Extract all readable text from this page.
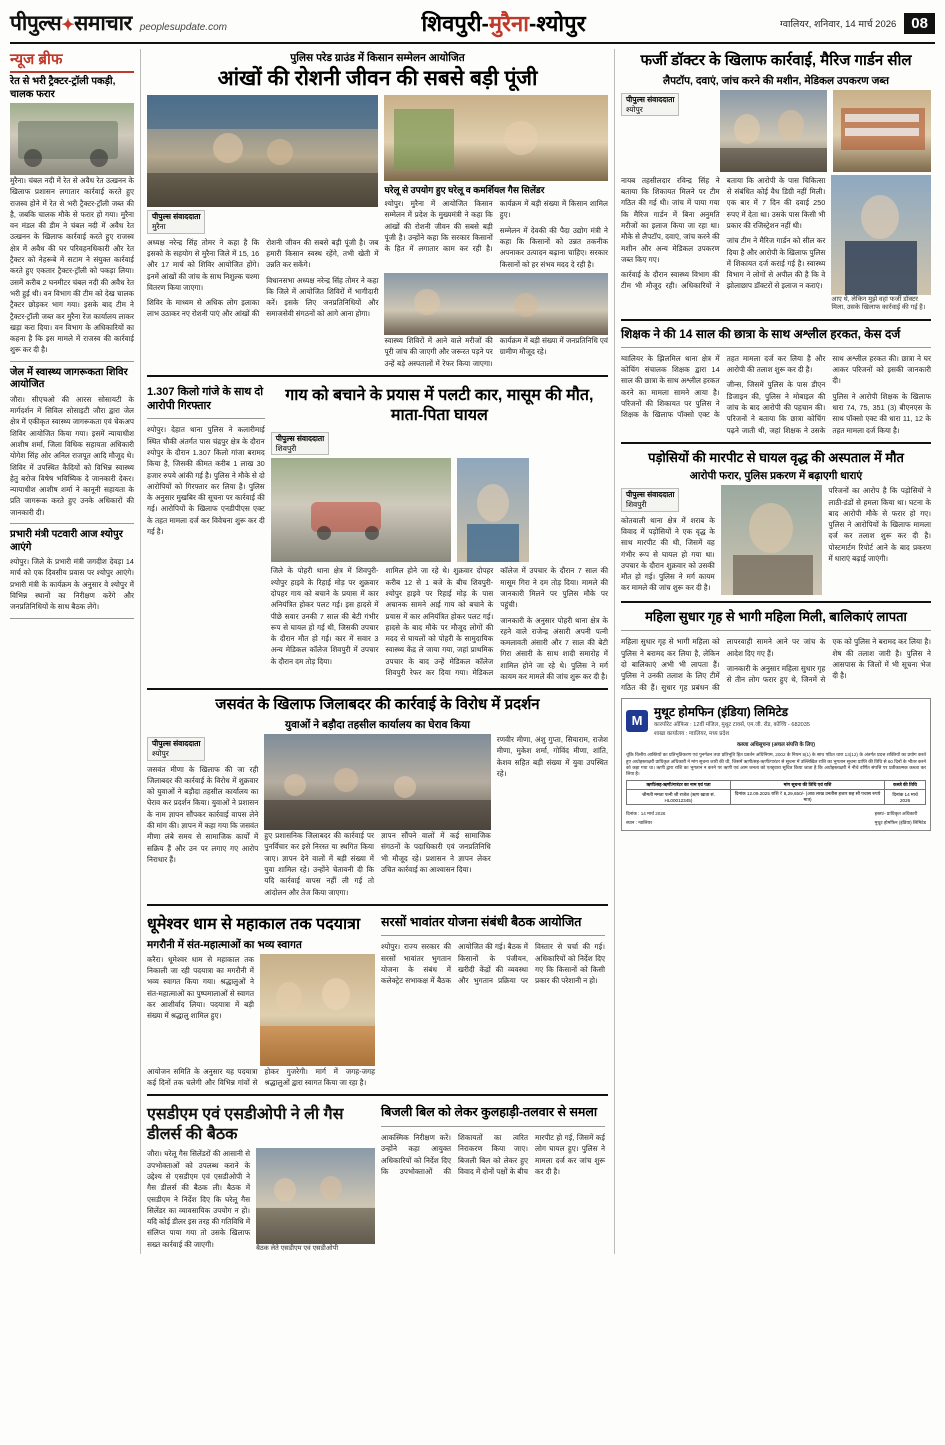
पीपुल्स✦समाचार peoplesupdate.com	शिवपुरी-मुरैना-श्योपुर	ग्वालियर, शनिवार, 14 मार्च 2026	08
न्यूज ब्रीफ
रेत से भरी ट्रैक्टर-ट्रॉली पकड़ी, चालक फरार
मुरैना। चंबल नदी में रेत से अवैध रेत उत्खनन के खिलाफ प्रशासन लगातार कार्रवाई करते हुए राजस्व होने में रेत से भरी ट्रैक्टर-ट्रॉली जब्त की है, जबकि चालक मौके से फरार हो गया। मुरैना वन मंडल की डीम ने चंबल नदी में अवैध रेत उत्खनन के खिलाफ कार्रवाई करते हुए राजस्व क्षेत्र में अवैध की घर परिवहनधिकारी और रेत ट्रैक्टर को नेहरूबे में सटाम ने संयुक्त कार्रवाई करते हुए एकतार ट्रैक्टर-ट्रॉली को पकड़ा लिया। उसमें करीब 2 घनमीटर चंबल नदी की अवैध रेत भरी हुई थी। वन विभाग की टीम को देख चालक ट्रैक्टर छोड़कर भाग गया। इसके बाद टीम ने ट्रैक्टर-ट्रॉली जब्त कर मुरैना रेंज कार्यालय लाकर खड़ा करा दिया। वन विभाग के अधिकारियों का कहना है कि इस मामले में राजस्व की कार्रवाई शुरू कर दी है।
जेल में स्वास्थ्य जागरूकता शिविर आयोजित
जौरा। सीएचओ की आरस सोसायटी के मार्गदर्शन में सिविल सोसाइटी जौरा द्वारा जेल क्षेत्र में एकीकृत स्वास्थ्य जागरूकता एवं चेकअप शिविर आयोजित किया गया। इसमें न्यायाधीश आशीष शर्मा, जिला विधिक सहायता अधिकारी योगेश सिंह ओर अनिल राजपूत आदि मौजूद थे। शिविर में उपस्थित कैदियों को विभिन्न स्वास्थ्य हेतु बरोज विषेष भविष्यिक दे जानकारी देकर। न्यायाधीश आशीष शर्मा ने कानूनी सहायता के प्रति जागरूक करते हुए उनके अधिकारों की जानकारी दी।
प्रभारी मंत्री पटवारी आज श्योपुर आएंगे
श्योपुर। जिले के प्रभारी मंत्री जगदीश देवड़ा 14 मार्च को एक दिवसीय प्रवास पर श्योपुर आएंगे। प्रभारी मंत्री के कार्यक्रम के अनुसार वे श्योपुर में विभिन्न स्थानों का निरीक्षण करेंगे और जनप्रतिनिधियों के साथ बैठक लेंगे।
पुलिस परेड ग्राउंड में किसान सम्मेलन आयोजित
आंखों की रोशनी जीवन की सबसे बड़ी पूंजी
पीपुल्स संवाददाता
मुरैना

अध्यक्ष नरेन्द्र सिंह तोमर ने कहा है कि इसको के सहयोग से मुरैना जिले में 15, 16 और 17 मार्च को शिविर आयोजित होंगे। इनमें आंखों की जांच के साथ निशुल्क चश्मा वितरण किया जाएगा।

शिविर के माध्यम से अधिक लोग इलाका लाभ उठाकर नए रोशनी पाएं और आंखों की रोशनी जीवन की सबसे बड़ी पूंजी है। जब हमारी किसान स्वस्थ रहेंगे, तभी खेती में उन्नति कर सकेंगे।

विधानसभा अध्यक्ष नरेन्द्र सिंह तोमर ने कहा कि जिले में आयोजित शिविरों में भागीदारी करें। इसके लिए जनप्रतिनिधियों और समाजसेवी संगठनों को आगे आना होगा।

घरेलू से उपयोग हुए घरेलू व कमर्शियल गैस सिलेंडर

श्योपुर। मुरैना में आयोजित किसान सम्मेलन में प्रदेश के मुख्यमंत्री ने कहा कि आंखों की रोशनी जीवन की सबसे बड़ी पूंजी है। उन्होंने कहा कि सरकार किसानों के हित में लगातार काम कर रही है। कार्यक्रम में बड़ी संख्या में किसान शामिल हुए।

सम्मेलन में देवकी की पैदा उद्योग मंत्री ने कहा कि किसानों को उन्नत तकनीक अपनाकर उत्पादन बढ़ाना चाहिए। सरकार किसानों को हर संभव मदद दे रही है।

स्वास्थ्य शिविरों में आने वाले मरीजों की पूरी जांच की जाएगी और जरूरत पड़ने पर उन्हें बड़े अस्पतालों में रेफर किया जाएगा। कार्यक्रम में बड़ी संख्या में जनप्रतिनिधि एवं ग्रामीण मौजूद रहे।

1.307 किलो गांजे के साथ दो आरोपी गिरफ्तार
श्योपुर। देहात थाना पुलिस ने कलारीमाई स्थित चौकी अंतर्गत पास चंद्रपुर क्षेत्र के दौरान श्योपुर के दौरान 1.307 किलो गांजा बरामद किया है, जिसकी कीमत करीब 1 लाख 30 हजार रुपये आंकी गई है। पुलिस ने मौके से दो आरोपियों को गिरफ्तार कर लिया है। पुलिस के अनुसार मुखबिर की सूचना पर कार्रवाई की गई। आरोपियों के खिलाफ एनडीपीएस एक्ट के तहत मामला दर्ज कर विवेचना शुरू कर दी गई है।
गाय को बचाने के प्रयास में पलटी कार, मासूम की मौत, माता-पिता घायल
पीपुल्स संवाददाता
शिवपुरी

जिले के पोहरी थाना क्षेत्र में शिवपुरी-श्योपुर हाइवे के रिहाई मोड़ पर शुक्रवार दोपहर गाय को बचाने के प्रयास में कार अनियंत्रित होकर पलट गई। इस हादसे में पीछे सवार उनकी 7 साल की बेटी गंभीर रूप से घायल हो गई थी, जिसकी उपचार के दौरान मौत हो गई। कार में सवार 3 अन्य मेडिकल कॉलेज शिवपुरी में उपचार के दौरान दम तोड़ दिया।

शामिल होने जा रहे थे। शुक्रवार दोपहर करीब 12 से 1 बजे के बीच शिवपुरी-श्योपुर हाइवे पर रिहाई मोड़ के पास अचानक सामने आई गाय को बचाने के प्रयास में कार अनियंत्रित होकर पलट गई। हादसे के बाद मौके पर मौजूद लोगों की मदद से घायलों को पोहरी के सामुदायिक स्वास्थ्य केंद्र ले जाया गया, जहां प्राथमिक उपचार के बाद उन्हें मेडिकल कॉलेज शिवपुरी रेफर कर दिया गया। मेडिकल कॉलेज में उपचार के दौरान 7 साल की मासूम गिरा ने दम तोड़ दिया। मामले की जानकारी मिलने पर पुलिस मौके पर पहुंची।

जानकारी के अनुसार पोहरी थाना क्षेत्र के रहने वाले राजेन्द्र अंसारी अपनी पत्नी कमलावती अंसारी और 7 साल की बेटी गिरा अंसारी के साथ शादी समारोह में शामिल होने जा रहे थे। पुलिस ने मर्ग कायम कर मामले की जांच शुरू कर दी है।

जसवंत के खिलाफ जिलाबदर की कार्रवाई के विरोध में प्रदर्शन
युवाओं ने बड़ौदा तहसील कार्यालय का घेराव किया
पीपुल्स संवाददाता
श्योपुर
जसवंत मीणा के खिलाफ की जा रही जिलाबदर की कार्रवाई के विरोध में शुक्रवार को युवाओं ने बड़ौदा तहसील कार्यालय का घेराव कर प्रदर्शन किया। युवाओं ने प्रशासन के नाम ज्ञापन सौंपकर कार्रवाई वापस लेने की मांग की। ज्ञापन में कहा गया कि जसवंत मीणा लंबे समय से सामाजिक कार्यों में सक्रिय हैं और उन पर लगाए गए आरोप निराधार हैं।

हुए प्रशासनिक जिलाबदर की कार्रवाई पर पुनर्विचार कर इसे निरस्त या स्थगित किया जाए। ज्ञापन देने वालों में बड़ी संख्या में युवा शामिल रहे। उन्होंने चेतावनी दी कि यदि कार्रवाई वापस नहीं ली गई तो आंदोलन और तेज किया जाएगा।

ज्ञापन सौंपने वालों में कई सामाजिक संगठनों के पदाधिकारी एवं जनप्रतिनिधि भी मौजूद रहे। प्रशासन ने ज्ञापन लेकर उचित कार्रवाई का आश्वासन दिया।

रणवीर मीणा, अंशु गुप्ता, सियाराम, राजेश मीणा, मुकेश शर्मा, गोविंद मीणा, शांति, केशव सहित बड़ी संख्या में युवा उपस्थित रहे।
धूमेश्वर धाम से महाकाल तक पदयात्रा
मगरौनी में संत-महात्माओं का भव्य स्वागत
करैरा। धूमेश्वर धाम से महाकाल तक निकाली जा रही पदयात्रा का मगरौनी में भव्य स्वागत किया गया। श्रद्धालुओं ने संत-महात्माओं का पुष्पमालाओं से स्वागत कर आशीर्वाद लिया। पदयात्रा में बड़ी संख्या में श्रद्धालु शामिल हुए।
आयोजन समिति के अनुसार यह पदयात्रा कई दिनों तक चलेगी और विभिन्न गांवों से होकर गुजरेगी। मार्ग में जगह-जगह श्रद्धालुओं द्वारा स्वागत किया जा रहा है।
सरसों भावांतर योजना संबंधी बैठक आयोजित
श्योपुर। राज्य सरकार की सरसों भावांतर भुगतान योजना के संबंध में कलेक्ट्रेट सभाकक्ष में बैठक आयोजित की गई। बैठक में किसानों के पंजीयन, खरीदी केंद्रों की व्यवस्था और भुगतान प्रक्रिया पर विस्तार से चर्चा की गई। अधिकारियों को निर्देश दिए गए कि किसानों को किसी प्रकार की परेशानी न हो।
एसडीएम एवं एसडीओपी ने ली गैस डीलर्स की बैठक
जौरा। घरेलू गैस सिलेंडरों की आसानी से उपभोक्ताओं को उपलब्ध कराने के उद्देश्य से एसडीएम एवं एसडीओपी ने गैस डीलर्स की बैठक ली। बैठक में एसडीएम ने निर्देश दिए कि घरेलू गैस सिलेंडर का व्यावसायिक उपयोग न हो। यदि कोई डीलर इस तरह की गतिविधि में संलिप्त पाया गया तो उसके खिलाफ सख्त कार्रवाई की जाएगी।
बैठक लेते एसडीएम एवं एसडीओपी
बिजली बिल को लेकर कुलहाड़ी-तलवार से समला
आकस्मिक निरीक्षण करें। उन्होंने कहा आयुक्त अधिकारियों को निर्देश दिए कि उपभोक्ताओं की शिकायतों का त्वरित निराकरण किया जाए। बिजली बिल को लेकर हुए विवाद में दोनों पक्षों के बीच मारपीट हो गई, जिसमें कई लोग घायल हुए। पुलिस ने मामला दर्ज कर जांच शुरू कर दी है।
फर्जी डॉक्टर के खिलाफ कार्रवाई, मैरिज गार्डन सील
लैपटॉप, दवाएं, जांच करने की मशीन, मेडिकल उपकरण जब्त
पीपुल्स संवाददाता
श्योपुर

नायब तहसीलदार रविन्द्र सिंह ने बताया कि शिकायत मिलने पर टीम गठित की गई थी। जांच में पाया गया कि मैरिज गार्डन में बिना अनुमति मरीजों का इलाज किया जा रहा था। मौके से लैपटॉप, दवाएं, जांच करने की मशीन और अन्य मेडिकल उपकरण जब्त किए गए।

कार्रवाई के दौरान स्वास्थ्य विभाग की टीम भी मौजूद रही। अधिकारियों ने बताया कि आरोपी के पास चिकित्सा से संबंधित कोई वैध डिग्री नहीं मिली। एक बार में 7 दिन की दवाई 250 रुपए में देता था। उसके पास किसी भी प्रकार की रजिस्ट्रेशन नहीं थी।

जांच टीम ने मैरिज गार्डन को सील कर दिया है और आरोपी के खिलाफ पुलिस में शिकायत दर्ज कराई गई है। स्वास्थ्य विभाग ने लोगों से अपील की है कि वे झोलाछाप डॉक्टरों से इलाज न कराएं।

आए थे, लेकिन मुझे वहां फर्जी डॉक्टर मिला, उसके खिलाफ कार्रवाई की गई है।
शिक्षक ने की 14 साल की छात्रा के साथ अश्लील हरकत, केस दर्ज

ग्वालियर के झिलमिल थाना क्षेत्र में कोचिंग संचालक शिक्षक द्वारा 14 साल की छात्रा के साथ अश्लील हरकत करने का मामला सामने आया है। परिजनों की शिकायत पर पुलिस ने शिक्षक के खिलाफ पॉक्सो एक्ट के तहत मामला दर्ज कर लिया है और आरोपी की तलाश शुरू कर दी है।

जीन्स, जिसमें पुलिस के पास डीएन डिजाइन की, पुलिस ने मोबाइल की जांच के बाद आरोपी की पहचान की। परिजनों ने बताया कि छात्रा कोचिंग पढ़ने जाती थी, जहां शिक्षक ने उसके साथ अश्लील हरकत की। छात्रा ने घर आकर परिजनों को इसकी जानकारी दी।

पुलिस ने आरोपी शिक्षक के खिलाफ धारा 74, 75, 351 (3) बीएनएस के साथ पॉक्सो एक्ट की धारा 11, 12 के तहत मामला दर्ज किया है।

पड़ोसियों की मारपीट से घायल वृद्ध की अस्पताल में मौत
आरोपी फरार, पुलिस प्रकरण में बढ़ाएगी धाराएं
पीपुल्स संवाददाता
शिवपुरी
कोतवाली थाना क्षेत्र में शराब के विवाद में पड़ोसियों ने एक वृद्ध के साथ मारपीट की थी, जिसमें वह गंभीर रूप से घायल हो गया था। उपचार के दौरान शुक्रवार को उसकी मौत हो गई। पुलिस ने मर्ग कायम कर मामले की जांच शुरू कर दी है।
परिजनों का आरोप है कि पड़ोसियों ने लाठी-डंडों से हमला किया था। घटना के बाद आरोपी मौके से फरार हो गए। पुलिस ने आरोपियों के खिलाफ मामला दर्ज कर तलाश शुरू कर दी है। पोस्टमार्टम रिपोर्ट आने के बाद प्रकरण में धाराएं बढ़ाई जाएंगी।
महिला सुधार गृह से भागी महिला मिली, बालिकाएं लापता

महिला सुधार गृह से भागी महिला को पुलिस ने बरामद कर लिया है, लेकिन दो बालिकाएं अभी भी लापता हैं। पुलिस ने उनकी तलाश के लिए टीमें गठित की हैं। सुधार गृह प्रबंधन की लापरवाही सामने आने पर जांच के आदेश दिए गए हैं।

जानकारी के अनुसार महिला सुधार गृह से तीन लोग फरार हुए थे, जिनमें से एक को पुलिस ने बरामद कर लिया है। शेष की तलाश जारी है। पुलिस ने आसपास के जिलों में भी सूचना भेज दी है।

M
मुथूट होमफिन (इंडिया) लिमिटेड
कारपोरेट ऑफिस : 12वीं मंजिल, मुथूट टावर्स, एम.जी. रोड, कोच्चि - 682035
शाखा कार्यालय : ग्वालियर, मध्य प्रदेश
कब्जा अधिसूचना (अचल संपत्ति के लिए)
चूंकि वित्तीय आस्तियों का प्रतिभूतिकरण एवं पुनर्गठन तथा प्रतिभूति हित प्रवर्तन अधिनियम, 2002 के नियम 8(1) के साथ पठित धारा 13(12) के अंतर्गत प्रदत्त शक्तियों का प्रयोग करते हुए अधोहस्ताक्षरी प्राधिकृत अधिकारी ने मांग सूचना जारी की थी, जिसमें ऋणी/सह-ऋणी/गारंटर से सूचना में उल्लिखित राशि का भुगतान सूचना प्राप्ति की तिथि से 60 दिनों के भीतर करने को कहा गया था। ऋणी द्वारा राशि का भुगतान न करने पर ऋणी एवं आम जनता को एतद्द्वारा सूचित किया जाता है कि अधोहस्ताक्षरी ने नीचे वर्णित संपत्ति पर प्रतीकात्मक कब्जा कर लिया है।
ऋणी/सह-ऋणी/गारंटर का नाम एवं पता	मांग सूचना की तिथि एवं राशि	कब्जे की तिथि
श्रीमती ममता पत्नी श्री राजेश (ऋण खाता सं. HL00012345)	दिनांक 12.09.2025 राशि ₹ 8,29,650/- (आठ लाख उनतीस हजार छह सौ पचास रुपये मात्र)	दिनांक 14 मार्च 2026
दिनांक : 14 मार्च 2026
स्थान : ग्वालियर
हस्ता/- प्राधिकृत अधिकारी
मुथूट होमफिन (इंडिया) लिमिटेड
